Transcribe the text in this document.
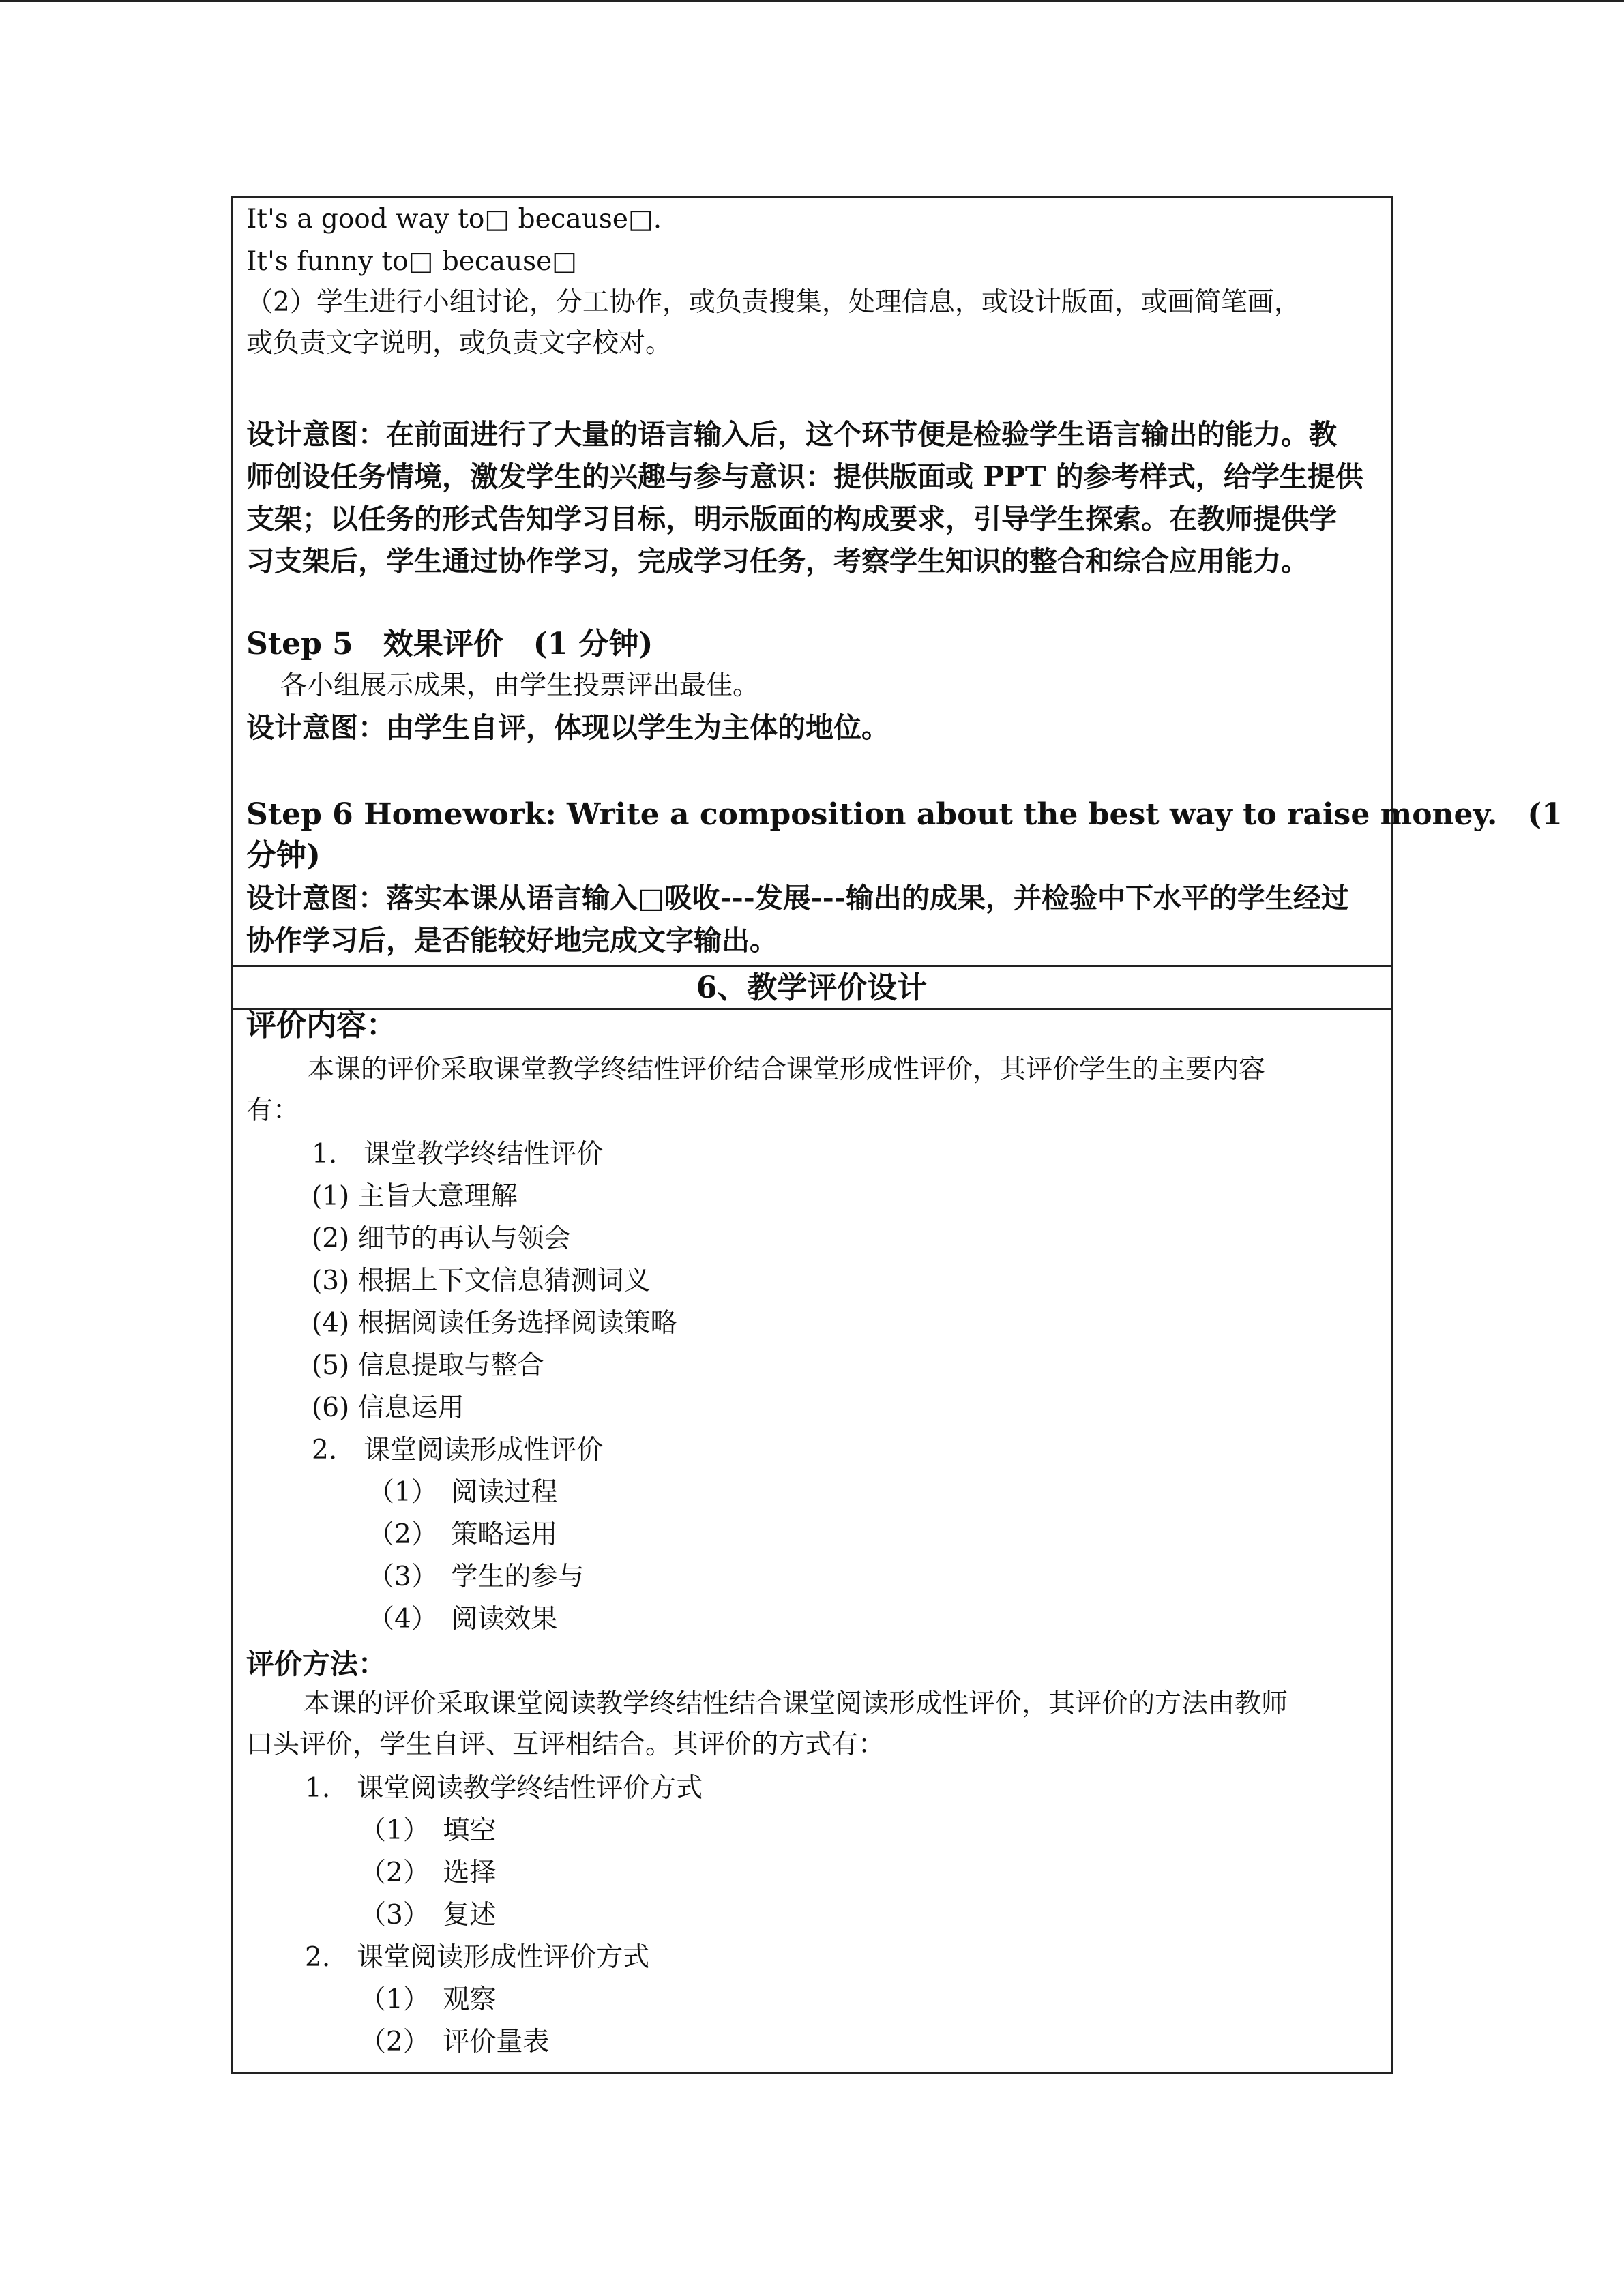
It's a good way to□ because□.
It's funny to□ because□
（2）学生进行小组讨论，分工协作，或负责搜集，处理信息，或设计版面，或画简笔画，
或负责文字说明，或负责文字校对。
设计意图：在前面进行了大量的语言输入后，这个环节便是检验学生语言输出的能力。教
师创设任务情境，激发学生的兴趣与参与意识：提供版面或 PPT 的参考样式，给学生提供
支架；以任务的形式告知学习目标，明示版面的构成要求，引导学生探索。在教师提供学
习支架后，学生通过协作学习，完成学习任务，考察学生知识的整合和综合应用能力。
Step 5　效果评价　(1 分钟)
各小组展示成果，由学生投票评出最佳。
设计意图：由学生自评，体现以学生为主体的地位。
Step 6 Homework: Write a composition about the best way to raise money.　(1
分钟)
设计意图：落实本课从语言输入□吸收---发展---输出的成果，并检验中下水平的学生经过
协作学习后，是否能较好地完成文字输出。
6、教学评价设计
评价内容：
本课的评价采取课堂教学终结性评价结合课堂形成性评价，其评价学生的主要内容
有：
1.　课堂教学终结性评价
(1) 主旨大意理解
(2) 细节的再认与领会
(3) 根据上下文信息猜测词义
(4) 根据阅读任务选择阅读策略
(5) 信息提取与整合
(6) 信息运用
2.　课堂阅读形成性评价
（1）　阅读过程
（2）　策略运用
（3）　学生的参与
（4）　阅读效果
评价方法：
本课的评价采取课堂阅读教学终结性结合课堂阅读形成性评价，其评价的方法由教师
口头评价，学生自评、互评相结合。其评价的方式有：
1.　课堂阅读教学终结性评价方式
（1）　填空
（2）　选择
（3）　复述
2.　课堂阅读形成性评价方式
（1）　观察
（2）　评价量表
